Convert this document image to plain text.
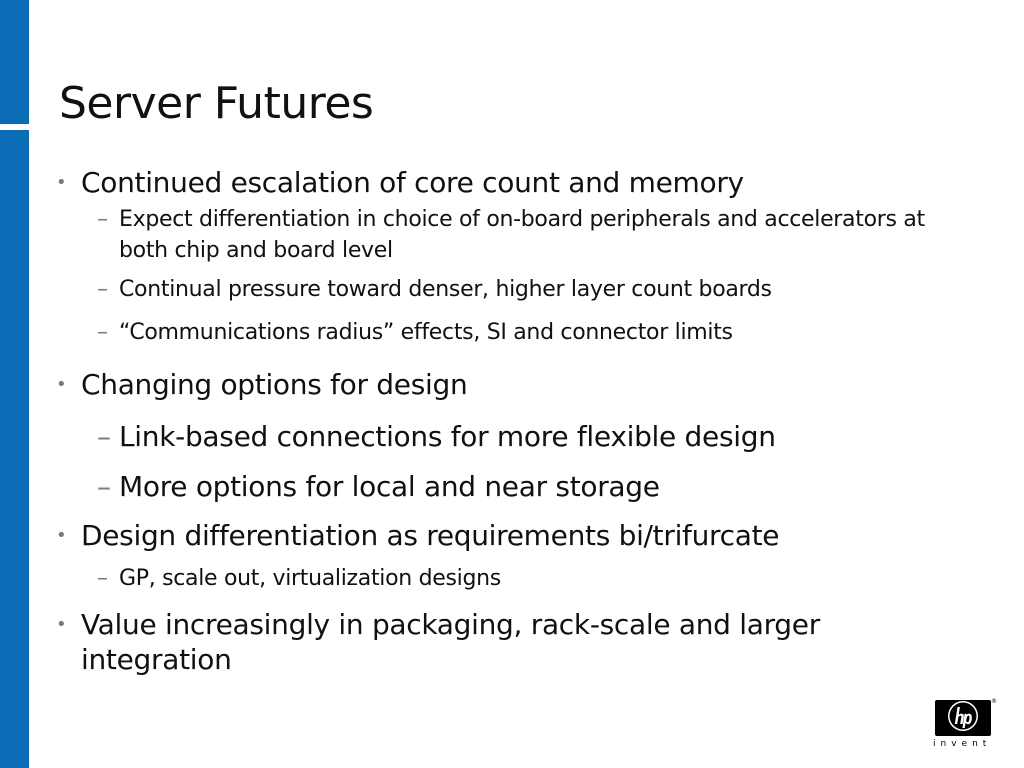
Server Futures
• Continued escalation of core count and memory
– Expect differentiation in choice of on-board peripherals and accelerators at both chip and board level
– Continual pressure toward denser, higher layer count boards
– “Communications radius” effects, SI and connector limits
• Changing options for design
– Link-based connections for more flexible design
– More options for local and near storage
• Design differentiation as requirements bi/trifurcate
– GP, scale out, virtualization designs
• Value increasingly in packaging, rack-scale and larger integration
®
invent
